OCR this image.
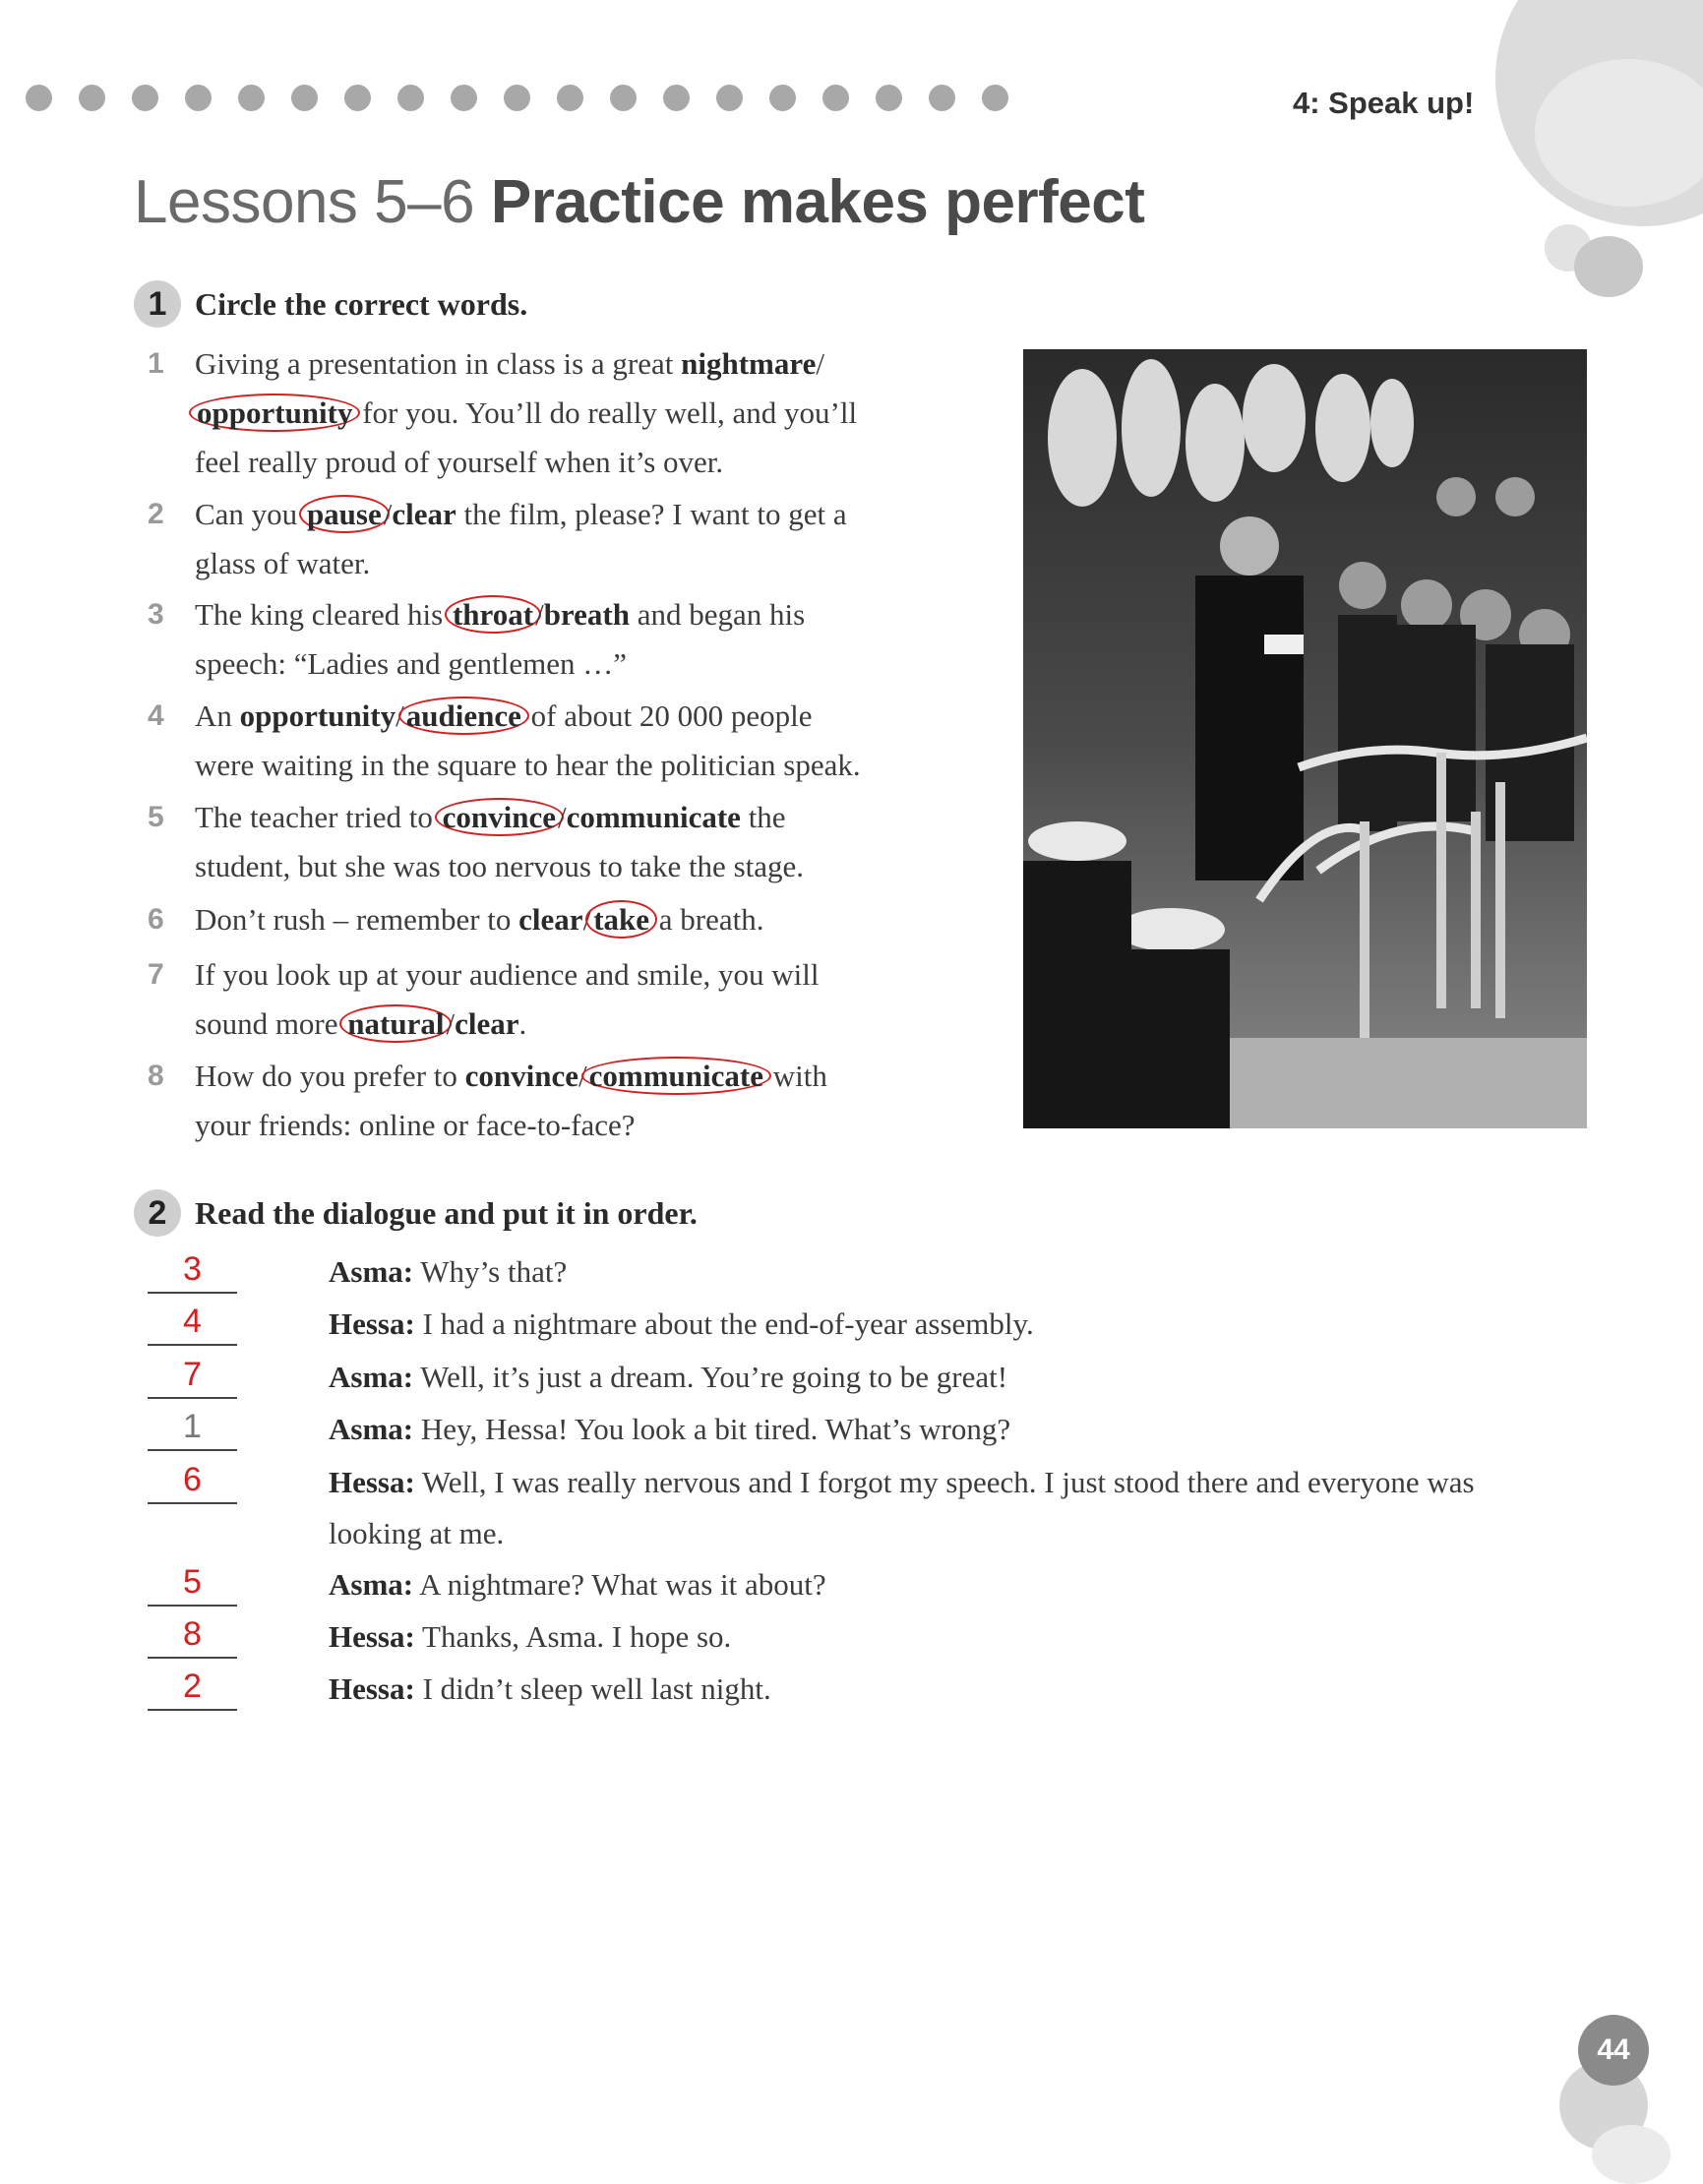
4: Speak up!
Lessons 5–6 Practice makes perfect
1 Circle the correct words.
1	Giving a presentation in class is a great nightmare/
opportunity for you. You’ll do really well, and you’ll
feel really proud of yourself when it’s over.
2	Can you pause/clear the film, please? I want to get a
glass of water.
3	The king cleared his throat/breath and began his
speech: “Ladies and gentlemen …”
4	An opportunity/audience of about 20 000 people
were waiting in the square to hear the politician speak.
5	The teacher tried to convince/communicate the
student, but she was too nervous to take the stage.
6	Don’t rush – remember to clear/take a breath.
7	If you look up at your audience and smile, you will
sound more natural/clear.
8	How do you prefer to convince/communicate with
your friends: online or face-to-face?
2 Read the dialogue and put it in order.
3	Asma: Why’s that?
4	Hessa: I had a nightmare about the end-of-year assembly.
7	Asma: Well, it’s just a dream. You’re going to be great!
1	Asma: Hey, Hessa! You look a bit tired. What’s wrong?
6	Hessa: Well, I was really nervous and I forgot my speech. I just stood there and everyone was looking at me.
5	Asma: A nightmare? What was it about?
8	Hessa: Thanks, Asma. I hope so.
2	Hessa: I didn’t sleep well last night.
44
